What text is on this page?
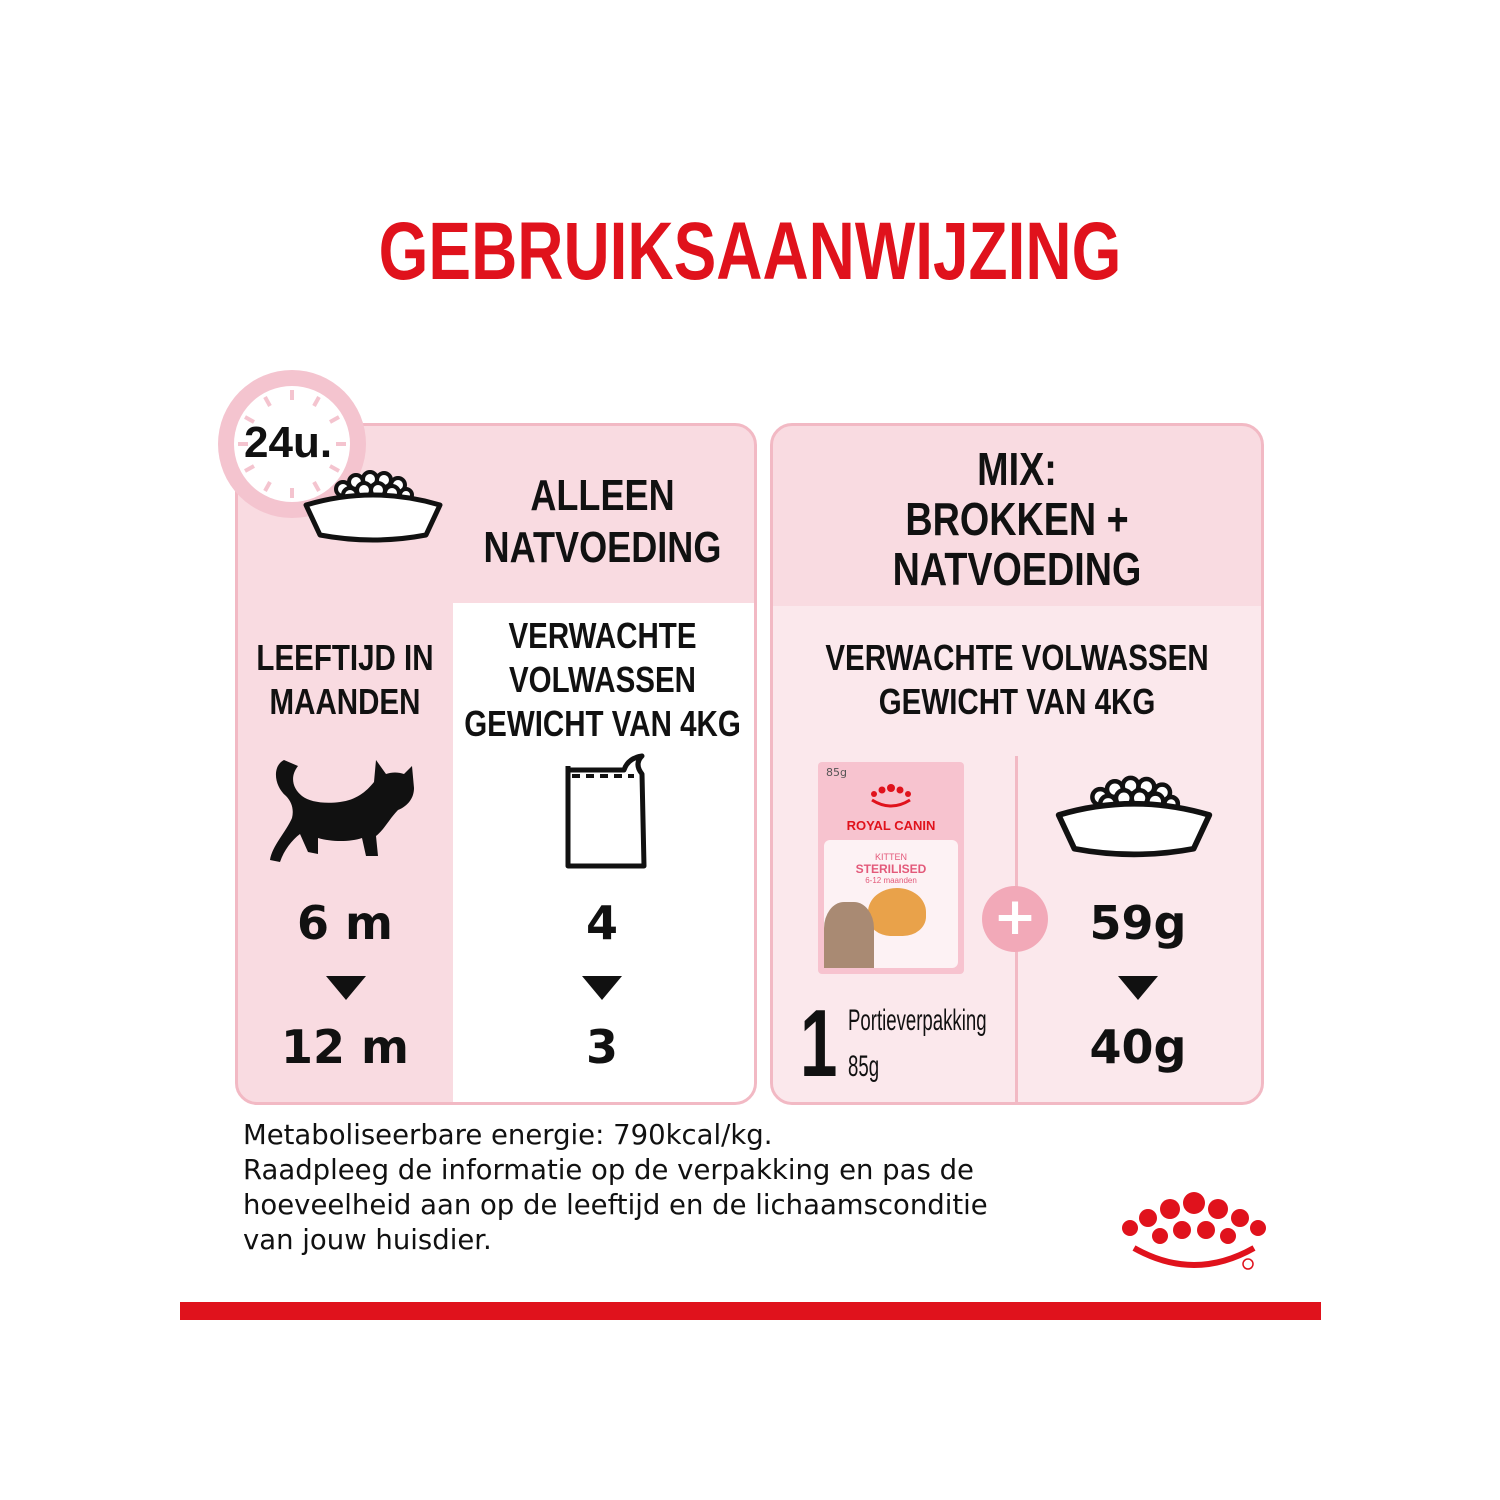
GEBRUIKSAANWIJZING
ALLEEN
NATVOEDING
24u.
LEEFTIJD IN
MAANDEN
VERWACHTE
VOLWASSEN
GEWICHT VAN 4KG
6 m
12 m
4
3
MIX:
BROKKEN +
NATVOEDING
VERWACHTE VOLWASSEN
GEWICHT VAN 4KG
85g
ROYAL CANIN
KITTEN
STERILISED
6-12 maanden
+
1 Portieverpakking
85g
59g
40g
Metaboliseerbare energie: 790kcal/kg.
Raadpleeg de informatie op de verpakking en pas de
hoeveelheid aan op de leeftijd en de lichaamsconditie
van jouw huisdier.
